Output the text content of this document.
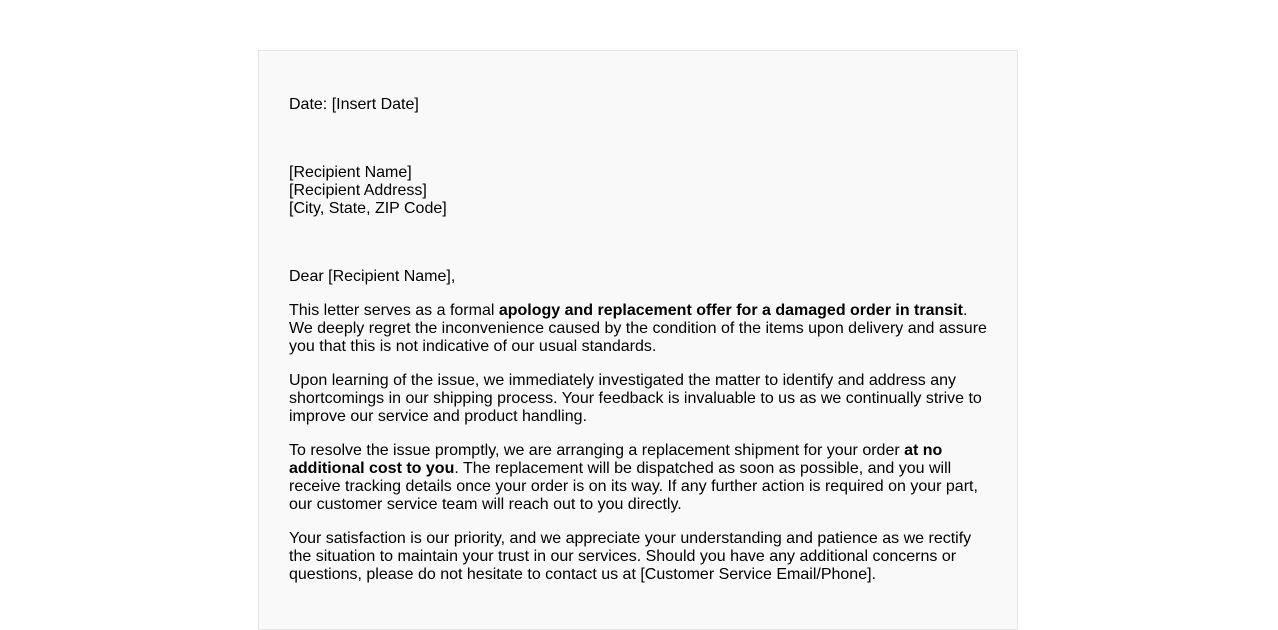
Date: [Insert Date]

[Recipient Name]
[Recipient Address]
[City, State, ZIP Code]

Dear [Recipient Name],

This letter serves as a formal apology and replacement offer for a damaged order in transit. We deeply regret the inconvenience caused by the condition of the items upon delivery and assure you that this is not indicative of our usual standards.

Upon learning of the issue, we immediately investigated the matter to identify and address any shortcomings in our shipping process. Your feedback is invaluable to us as we continually strive to improve our service and product handling.

To resolve the issue promptly, we are arranging a replacement shipment for your order at no additional cost to you. The replacement will be dispatched as soon as possible, and you will receive tracking details once your order is on its way. If any further action is required on your part, our customer service team will reach out to you directly.

Your satisfaction is our priority, and we appreciate your understanding and patience as we rectify the situation to maintain your trust in our services. Should you have any additional concerns or questions, please do not hesitate to contact us at [Customer Service Email/Phone].
